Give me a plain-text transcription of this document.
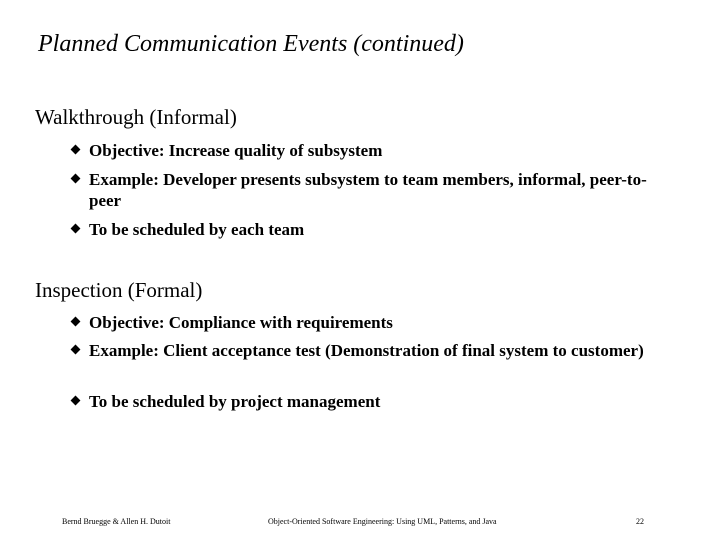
Planned Communication Events (continued)
Walkthrough (Informal)
Objective: Increase quality of subsystem
Example: Developer presents subsystem to team members, informal, peer-to-peer
To be scheduled by each team
Inspection (Formal)
Objective: Compliance with requirements
Example: Client acceptance test (Demonstration of final system to customer)
To be scheduled by project management
Bernd Bruegge & Allen H. Dutoit	Object-Oriented Software Engineering: Using UML, Patterns, and Java	22
